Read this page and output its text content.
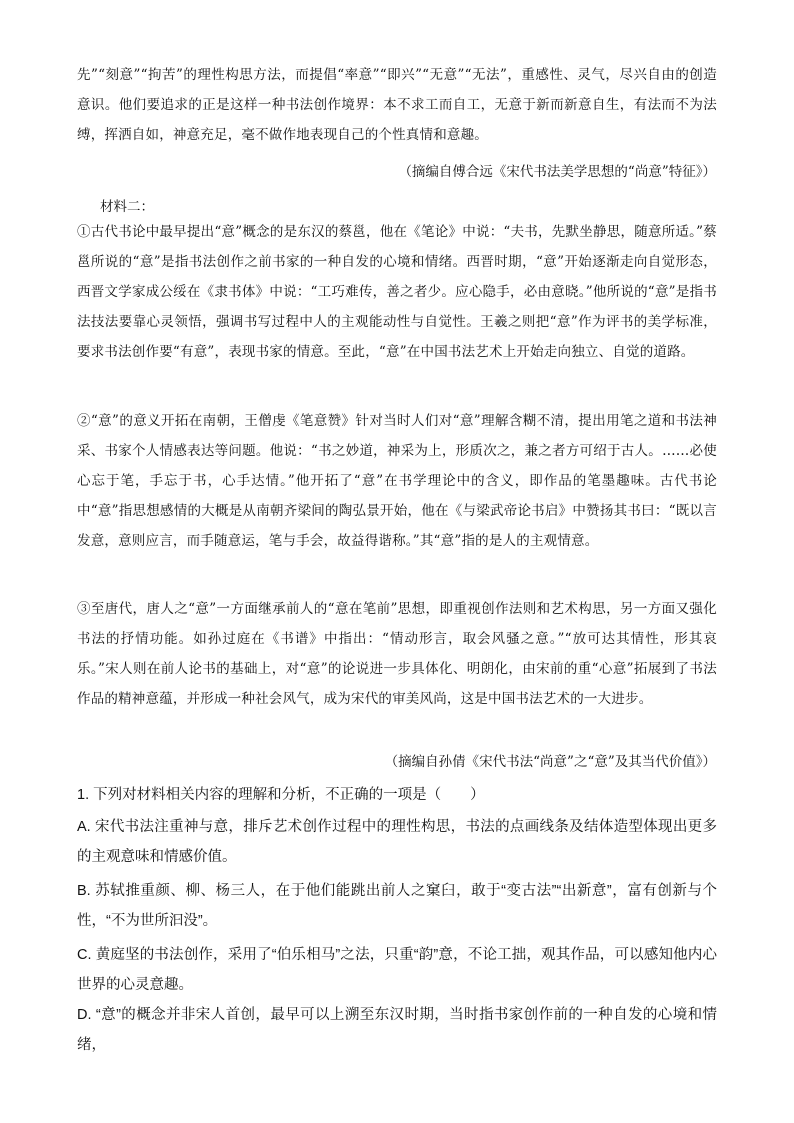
先”“刻意”“拘苦”的理性构思方法，而提倡“率意”“即兴”“无意”“无法”，重感性、灵气，尽兴自由的创造意识。他们要追求的正是这样一种书法创作境界：本不求工而自工，无意于新而新意自生，有法而不为法缚，挥洒自如，神意充足，毫不做作地表现自己的个性真情和意趣。

（摘编自傅合远《宋代书法美学思想的“尚意”特征》）

材料二：

①古代书论中最早提出“意”概念的是东汉的蔡邕，他在《笔论》中说：“夫书，先默坐静思，随意所适。”蔡邕所说的“意”是指书法创作之前书家的一种自发的心境和情绪。西晋时期，“意”开始逐渐走向自觉形态，西晋文学家成公绥在《隶书体》中说：“工巧难传，善之者少。应心隐手，必由意晓。”他所说的“意”是指书法技法要靠心灵领悟，强调书写过程中人的主观能动性与自觉性。王羲之则把“意”作为评书的美学标准，要求书法创作要“有意”，表现书家的情意。至此，“意”在中国书法艺术上开始走向独立、自觉的道路。

②“意”的意义开拓在南朝，王僧虔《笔意赞》针对当时人们对“意”理解含糊不清，提出用笔之道和书法神采、书家个人情感表达等问题。他说：“书之妙道，神采为上，形质次之，兼之者方可绍于古人。……必使心忘于笔，手忘于书，心手达情。”他开拓了“意”在书学理论中的含义，即作品的笔墨趣味。古代书论中“意”指思想感情的大概是从南朝齐梁间的陶弘景开始，他在《与梁武帝论书启》中赞扬其书曰：“既以言发意，意则应言，而手随意运，笔与手会，故益得谐称。”其“意”指的是人的主观情意。

③至唐代，唐人之“意”一方面继承前人的“意在笔前”思想，即重视创作法则和艺术构思，另一方面又强化书法的抒情功能。如孙过庭在《书谱》中指出：“情动形言，取会风骚之意。”“放可达其情性，形其哀乐。”宋人则在前人论书的基础上，对“意”的论说进一步具体化、明朗化，由宋前的重“心意”拓展到了书法作品的精神意蕴，并形成一种社会风气，成为宋代的审美风尚，这是中国书法艺术的一大进步。

（摘编自孙倩《宋代书法“尚意”之“意”及其当代价值》）

1. 下列对材料相关内容的理解和分析，不正确的一项是（　　）

A. 宋代书法注重神与意，排斥艺术创作过程中的理性构思，书法的点画线条及结体造型体现出更多的主观意味和情感价值。

B. 苏轼推重颜、柳、杨三人，在于他们能跳出前人之窠臼，敢于“变古法”“出新意”，富有创新与个性，“不为世所汩没”。

C. 黄庭坚的书法创作，采用了“伯乐相马”之法，只重“韵”意，不论工拙，观其作品，可以感知他内心世界的心灵意趣。

D. “意”的概念并非宋人首创，最早可以上溯至东汉时期，当时指书家创作前的一种自发的心境和情绪，
